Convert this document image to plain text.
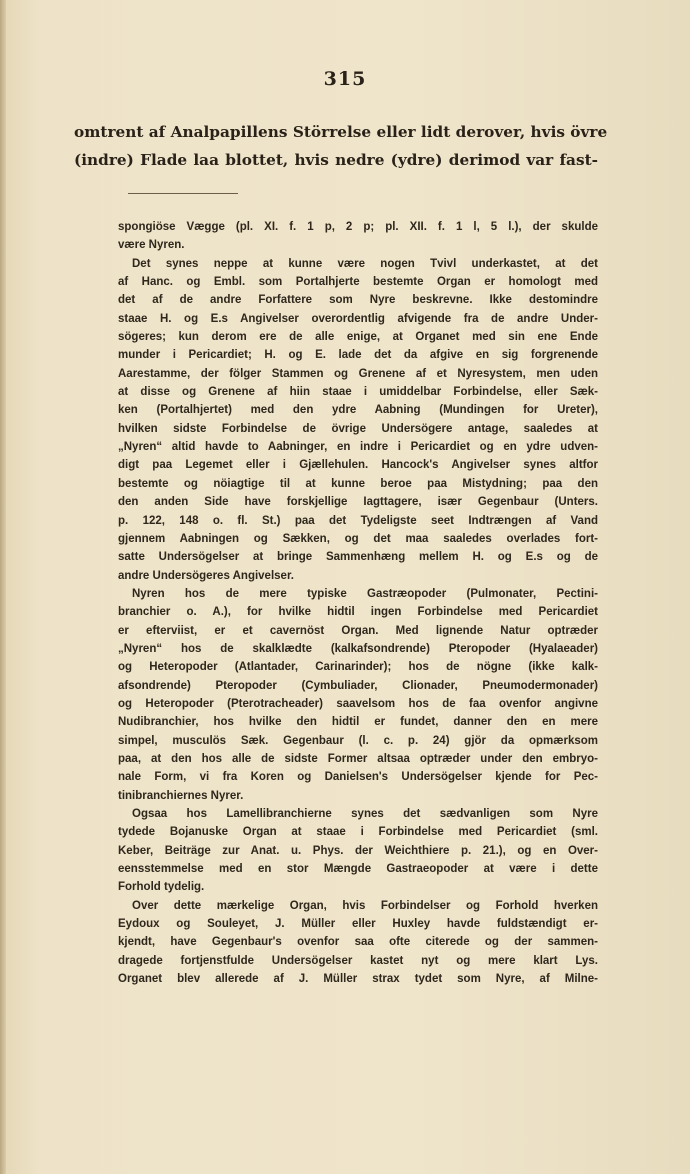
315
omtrent af Analpapillens Störrelse eller lidt derover, hvis övre
(indre) Flade laa blottet, hvis nedre (ydre) derimod var fast-
spongiöse Vægge (pl. XI. f. 1 p, 2 p; pl. XII. f. 1 l, 5 l.), der skulde
være Nyren.
Det synes neppe at kunne være nogen Tvivl underkastet, at det
af Hanc. og Embl. som Portalhjerte bestemte Organ er homologt med
det af de andre Forfattere som Nyre beskrevne. Ikke destomindre
staae H. og E.s Angivelser overordentlig afvigende fra de andre Under-
sögeres; kun derom ere de alle enige, at Organet med sin ene Ende
munder i Pericardiet; H. og E. lade det da afgive en sig forgrenende
Aarestamme, der fölger Stammen og Grenene af et Nyresystem, men uden
at disse og Grenene af hiin staae i umiddelbar Forbindelse, eller Sæk-
ken (Portalhjertet) med den ydre Aabning (Mundingen for Ureter),
hvilken sidste Forbindelse de övrige Undersögere antage, saaledes at
„Nyren“ altid havde to Aabninger, en indre i Pericardiet og en ydre udven-
digt paa Legemet eller i Gjællehulen. Hancock's Angivelser synes altfor
bestemte og nöiagtige til at kunne beroe paa Mistydning; paa den
den anden Side have forskjellige Iagttagere, især Gegenbaur (Unters.
p. 122, 148 o. fl. St.) paa det Tydeligste seet Indtrængen af Vand
gjennem Aabningen og Sækken, og det maa saaledes overlades fort-
satte Undersögelser at bringe Sammenhæng mellem H. og E.s og de
andre Undersögeres Angivelser.
Nyren hos de mere typiske Gastræopoder (Pulmonater, Pectini-
branchier o. A.), for hvilke hidtil ingen Forbindelse med Pericardiet
er efterviist, er et cavernöst Organ. Med lignende Natur optræder
„Nyren“ hos de skalklædte (kalkafsondrende) Pteropoder (Hyalaeader)
og Heteropoder (Atlantader, Carinarinder); hos de nögne (ikke kalk-
afsondrende) Pteropoder (Cymbuliader, Clionader, Pneumodermonader)
og Heteropoder (Pterotracheader) saavelsom hos de faa ovenfor angivne
Nudibranchier, hos hvilke den hidtil er fundet, danner den en mere
simpel, musculös Sæk. Gegenbaur (l. c. p. 24) gjör da opmærksom
paa, at den hos alle de sidste Former altsaa optræder under den embryo-
nale Form, vi fra Koren og Danielsen's Undersögelser kjende for Pec-
tinibranchiernes Nyrer.
Ogsaa hos Lamellibranchierne synes det sædvanligen som Nyre
tydede Bojanuske Organ at staae i Forbindelse med Pericardiet (sml.
Keber, Beiträge zur Anat. u. Phys. der Weichthiere p. 21.), og en Over-
eensstemmelse med en stor Mængde Gastraeopoder at være i dette
Forhold tydelig.
Over dette mærkelige Organ, hvis Forbindelser og Forhold hverken
Eydoux og Souleyet, J. Müller eller Huxley havde fuldstændigt er-
kjendt, have Gegenbaur's ovenfor saa ofte citerede og der sammen-
dragede fortjenstfulde Undersögelser kastet nyt og mere klart Lys.
Organet blev allerede af J. Müller strax tydet som Nyre, af Milne-
